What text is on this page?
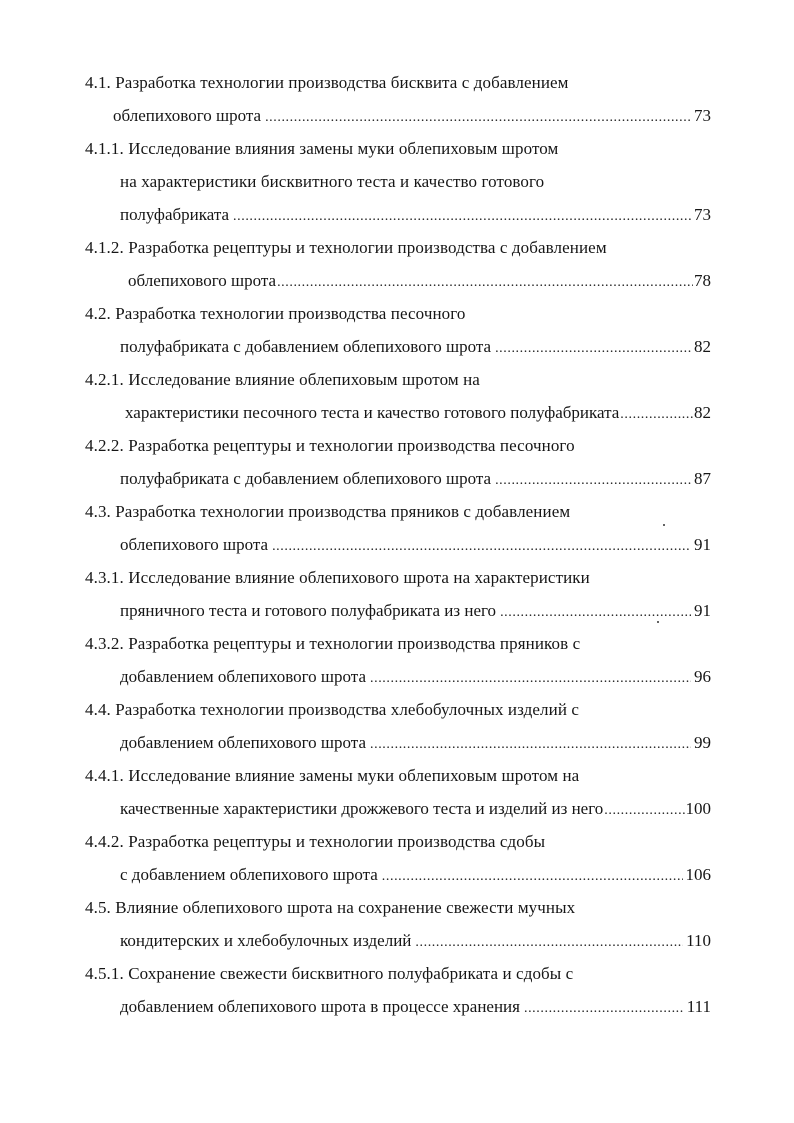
4.1. Разработка технологии производства бисквита с добавлением
облепихового шрота .....	73
4.1.1. Исследование влияния замены муки облепиховым шротом
на характеристики бисквитного теста и качество готового
полуфабриката .....	73
4.1.2. Разработка рецептуры и технологии производства с добавлением
облепихового шрота .....	78
4.2. Разработка технологии производства песочного
полуфабриката с добавлением облепихового шрота .....	82
4.2.1. Исследование влияние облепиховым шротом на
характеристики песочного теста и качество готового полуфабриката .....	82
4.2.2. Разработка рецептуры и технологии производства песочного
полуфабриката с добавлением облепихового шрота .....	87
4.3. Разработка технологии производства пряников с добавлением
облепихового шрота .....	91
4.3.1. Исследование влияние облепихового шрота на характеристики
пряничного теста и готового полуфабриката из него .....	91
4.3.2. Разработка рецептуры и технологии производства пряников с
добавлением облепихового шрота .....	96
4.4. Разработка технологии производства хлебобулочных изделий с
добавлением облепихового шрота .....	99
4.4.1. Исследование влияние замены муки облепиховым шротом на
качественные характеристики дрожжевого теста и изделий из него .....	100
4.4.2. Разработка рецептуры и технологии производства сдобы
с добавлением облепихового шрота .....	106
4.5. Влияние облепихового шрота на сохранение свежести мучных
кондитерских и хлебобулочных изделий .....	110
4.5.1. Сохранение свежести бисквитного полуфабриката и сдобы с
добавлением облепихового шрота в процессе хранения .....	111
